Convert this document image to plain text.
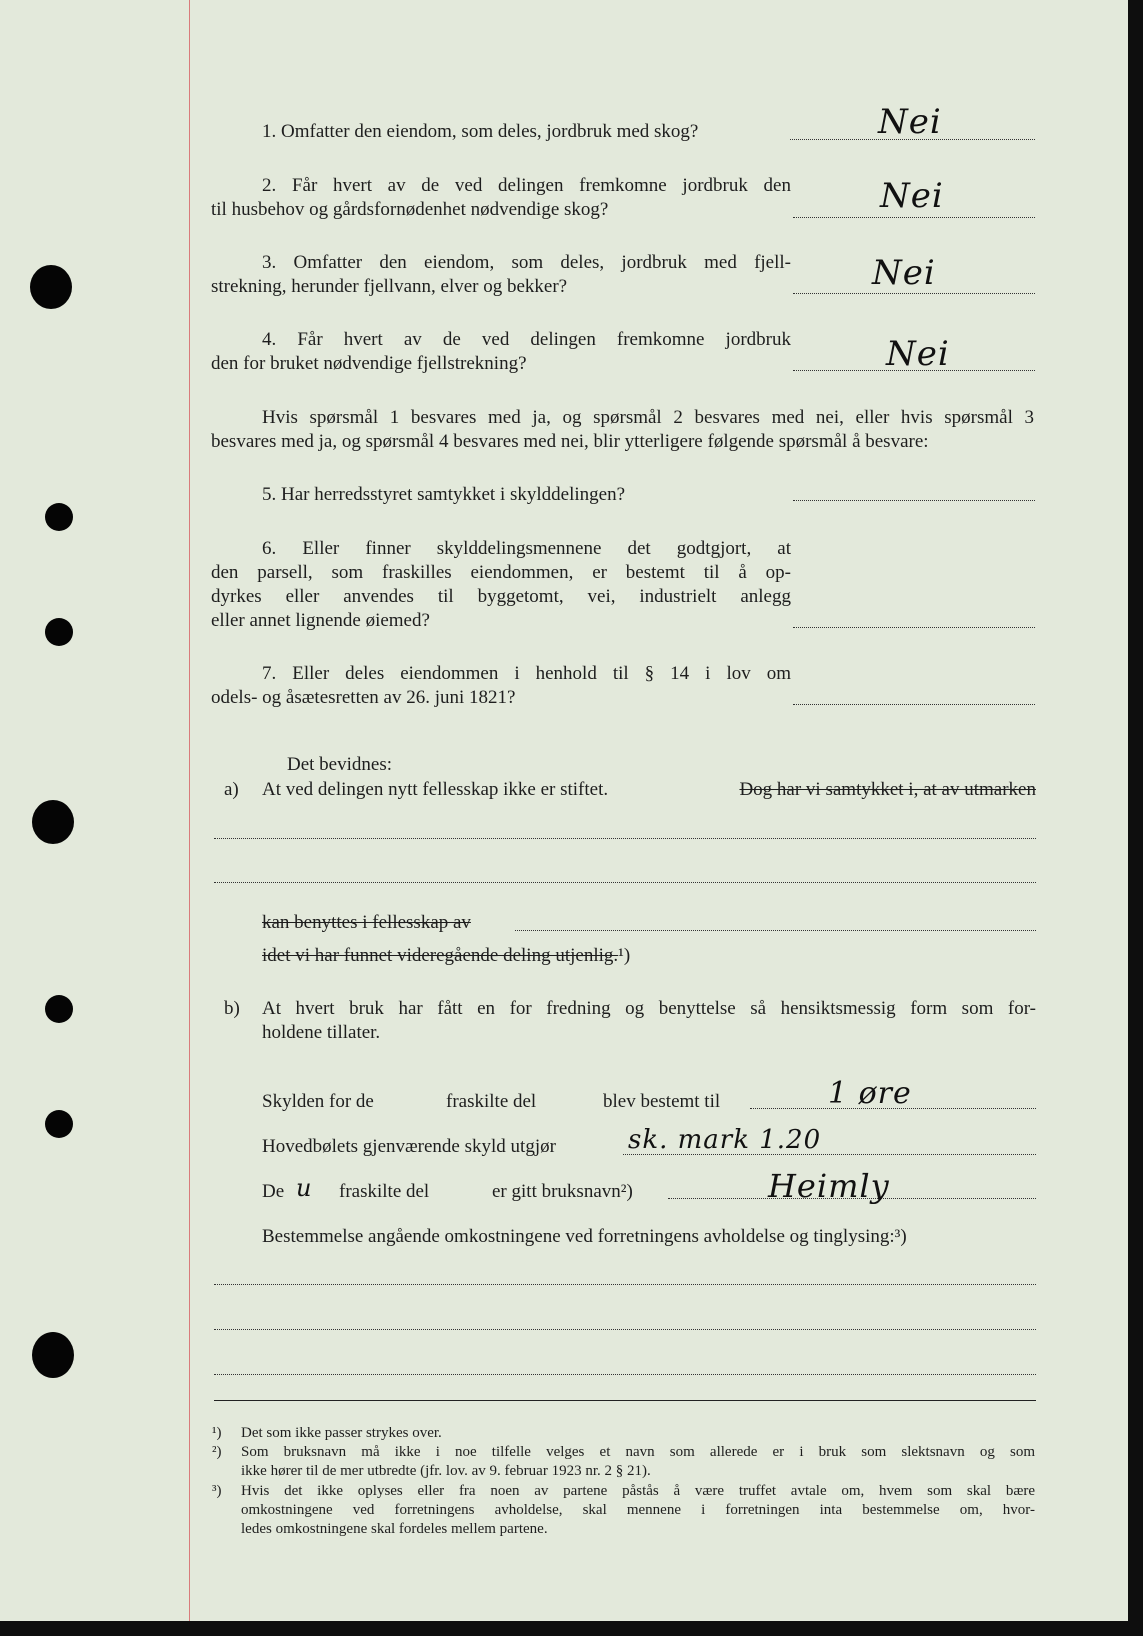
1. Omfatter den eiendom, som deles, jordbruk med skog?	Nei
2. Får hvert av de ved delingen fremkomne jordbruk den
til husbehov og gårdsfornødenhet nødvendige skog?	Nei
3. Omfatter den eiendom, som deles, jordbruk med fjell-
strekning, herunder fjellvann, elver og bekker?	Nei
4. Får hvert av de ved delingen fremkomne jordbruk
den for bruket nødvendige fjellstrekning?	Nei
Hvis spørsmål 1 besvares med ja, og spørsmål 2 besvares med nei, eller hvis spørsmål 3
besvares med ja, og spørsmål 4 besvares med nei, blir ytterligere følgende spørsmål å besvare:
5. Har herredsstyret samtykket i skylddelingen?
6. Eller finner skylddelingsmennene det godtgjort, at
den parsell, som fraskilles eiendommen, er bestemt til å op-
dyrkes eller anvendes til byggetomt, vei, industrielt anlegg
eller annet lignende øiemed?
7. Eller deles eiendommen i henhold til § 14 i lov om
odels- og åsætesretten av 26. juni 1821?
Det bevidnes:
a) At ved delingen nytt fellesskap ikke er stiftet.	Dog har vi samtykket i, at av utmarken
kan benyttes i fellesskap av
idet vi har funnet videregående deling utjenlig.¹)
b) At hvert bruk har fått en for fredning og benyttelse så hensiktsmessig form som for-
holdene tillater.
Skylden for de	fraskilte del	blev bestemt til	1 øre
Hovedbølets gjenværende skyld utgjør	sk. mark 1.20
De u fraskilte del	er gitt bruksnavn²)	Heimly
Bestemmelse angående omkostningene ved forretningens avholdelse og tinglysing:³)
¹) Det som ikke passer strykes over.
²) Som bruksnavn må ikke i noe tilfelle velges et navn som allerede er i bruk som slektsnavn og som
ikke hører til de mer utbredte (jfr. lov. av 9. februar 1923 nr. 2 § 21).
³) Hvis det ikke oplyses eller fra noen av partene påstås å være truffet avtale om, hvem som skal bære
omkostningene ved forretningens avholdelse, skal mennene i forretningen inta bestemmelse om, hvor-
ledes omkostningene skal fordeles mellem partene.
